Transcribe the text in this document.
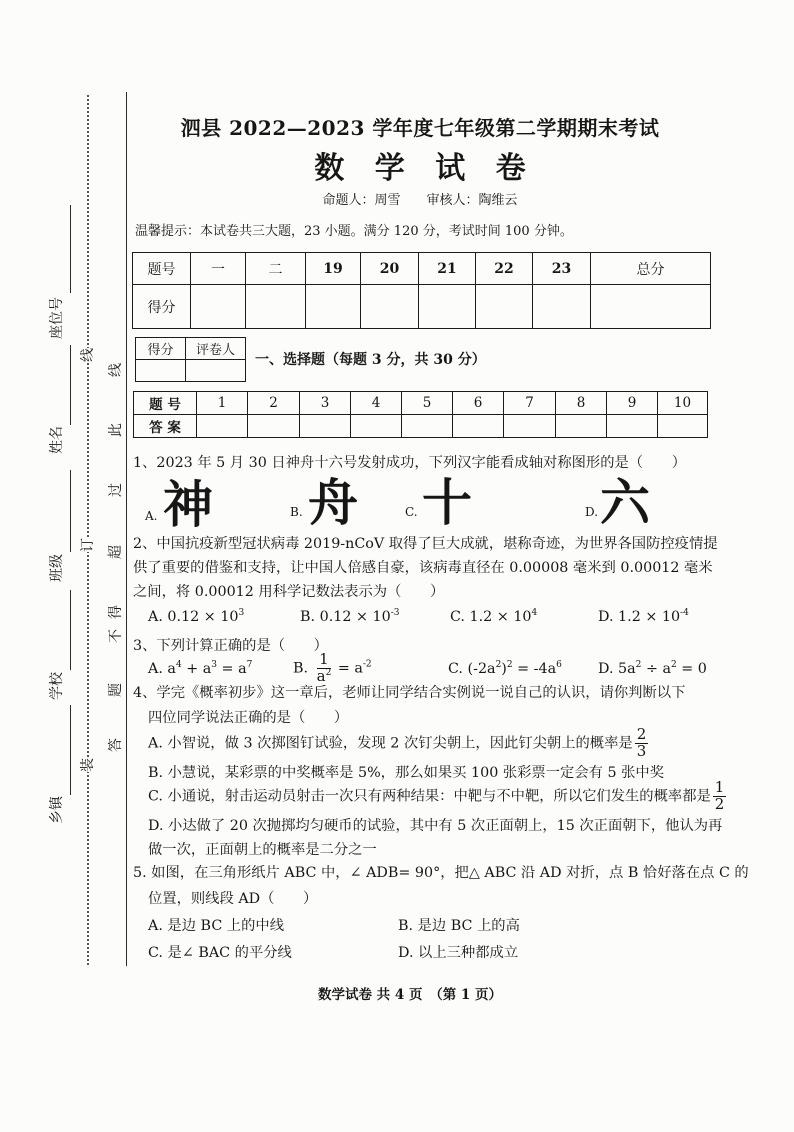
座位号
姓名
班级
学校
乡镇
线
订
装
线
此
过
超
得
不
题
答
泗县 2022—2023 学年度七年级第二学期期末考试
数 学 试 卷
命题人：周雪　　审核人：陶维云
温馨提示：本试卷共三大题，23 小题。满分 120 分，考试时间 100 分钟。
题号	一	二	19	20	21	22	23	总分
得分								
得分	评卷人

一、选择题（每题 3 分，共 30 分）
题 号	1	2	3	4	5	6	7	8	9	10
答 案										
1、2023 年 5 月 30 日神舟十六号发射成功，下列汉字能看成轴对称图形的是（　　）
A. 神	B. 舟	C. 十	D. 六
2、中国抗疫新型冠状病毒 2019-nCoV 取得了巨大成就，堪称奇迹，为世界各国防控疫情提
供了重要的借鉴和支持，让中国人倍感自豪，该病毒直径在 0.00008 毫米到 0.00012 毫米
之间，将 0.00012 用科学记数法表示为（　　）
A. $0.12 \times 10^3$	B. $0.12 \times 10^{-3}$	C. $1.2 \times 10^4$	D. $1.2 \times 10^{-4}$
3、下列计算正确的是（　　）
A. $a^4 + a^3 = a^7$	B. $\frac{1}{a^2} = a^{-2}$	C. $(-2a^2)^2 = -4a^6$	D. $5a^2 \div a^2 = 0$
4、学完《概率初步》这一章后，老师让同学结合实例说一说自己的认识，请你判断以下
四位同学说法正确的是（　　）
A. 小智说，做 3 次掷图钉试验，发现 2 次钉尖朝上，因此钉尖朝上的概率是 $\frac{2}{3}$
B. 小慧说，某彩票的中奖概率是 5%，那么如果买 100 张彩票一定会有 5 张中奖
C. 小通说，射击运动员射击一次只有两种结果：中靶与不中靶，所以它们发生的概率都是 $\frac{1}{2}$
D. 小达做了 20 次抛掷均匀硬币的试验，其中有 5 次正面朝上，15 次正面朝下，他认为再
做一次，正面朝上的概率是二分之一
5. 如图，在三角形纸片 ABC 中，∠ ADB= 90°，把△ ABC 沿 AD 对折，点 B 恰好落在点 C 的
位置，则线段 AD（　　）
A. 是边 BC 上的中线	B. 是边 BC 上的高
C. 是∠ BAC 的平分线	D. 以上三种都成立
数学试卷 共 4 页　（第 1 页）
